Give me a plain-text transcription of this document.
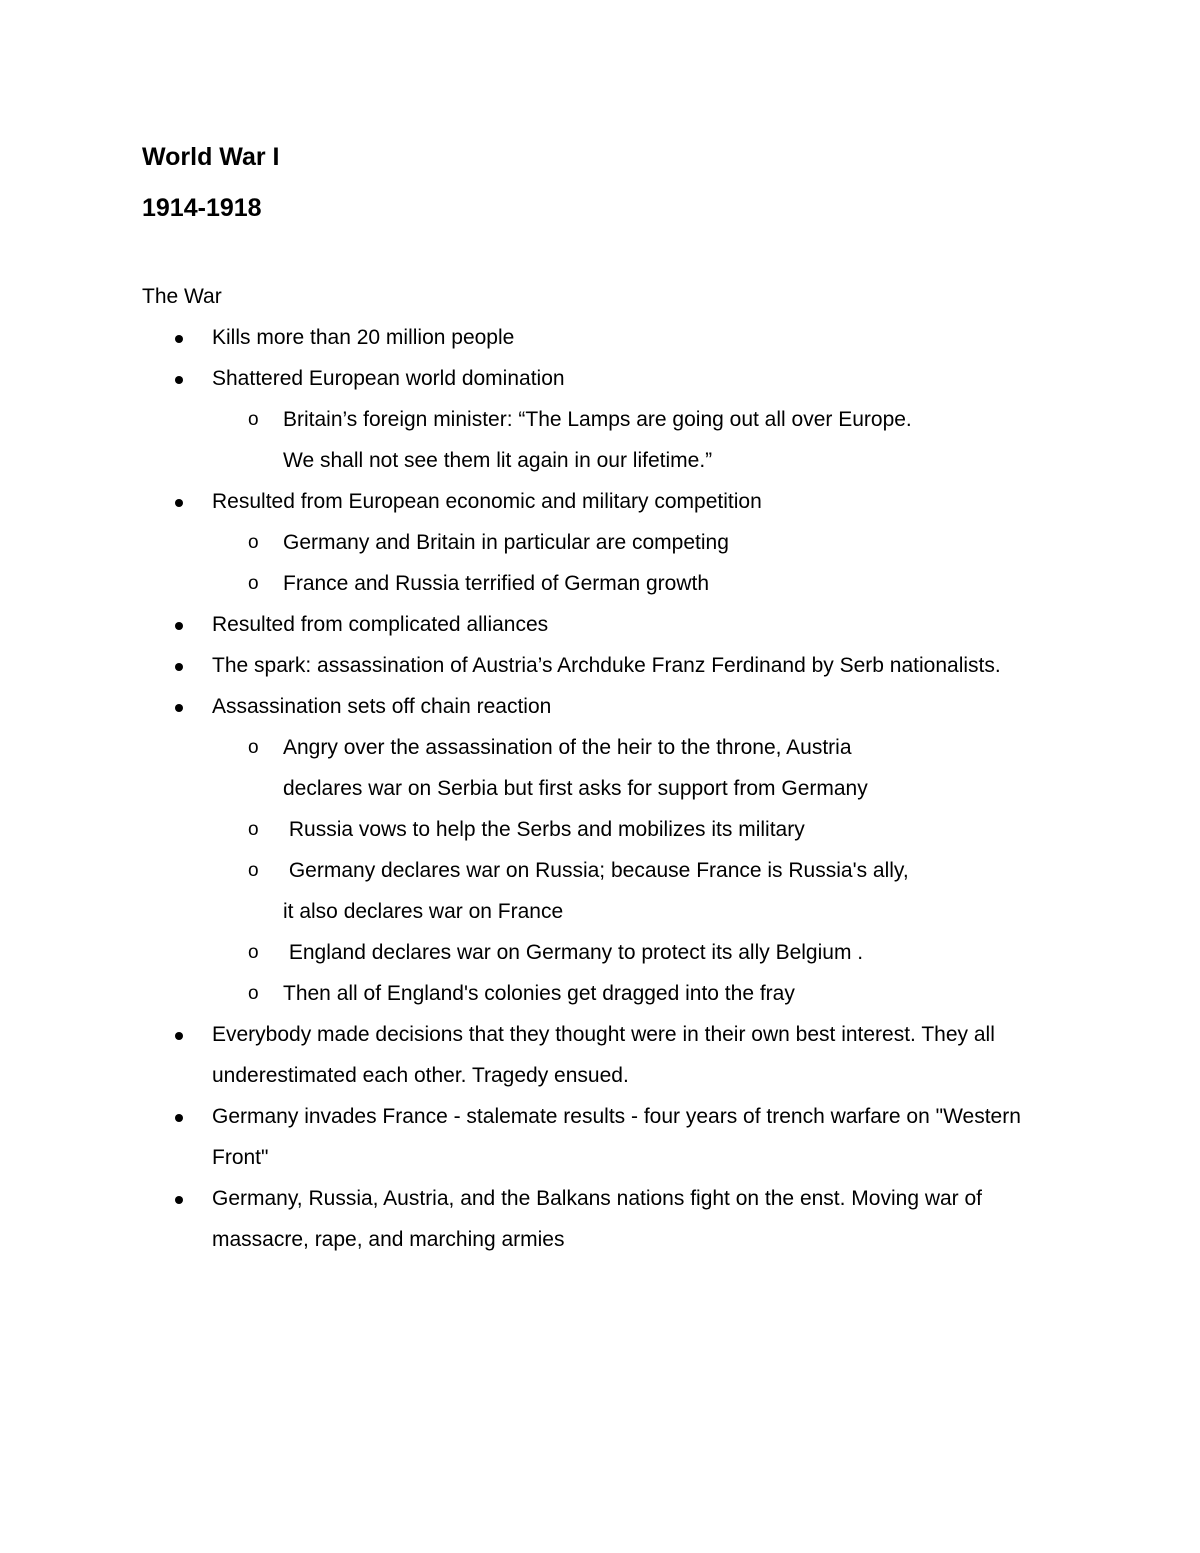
World War I
1914-1918

The War

Kills more than 20 million people
Shattered European world domination
o Britain’s foreign minister: “The Lamps are going out all over Europe. We shall not see them lit again in our lifetime.”
Resulted from European economic and military competition
o Germany and Britain in particular are competing
o France and Russia terrified of German growth
Resulted from complicated alliances
The spark: assassination of Austria’s Archduke Franz Ferdinand by Serb nationalists.
Assassination sets off chain reaction
o Angry over the assassination of the heir to the throne, Austria declares war on Serbia but first asks for support from Germany
o Russia vows to help the Serbs and mobilizes its military
o Germany declares war on Russia; because France is Russia's ally, it also declares war on France
o England declares war on Germany to protect its ally Belgium .
o Then all of England's colonies get dragged into the fray
Everybody made decisions that they thought were in their own best interest. They all underestimated each other. Tragedy ensued.
Germany invades France - stalemate results - four years of trench warfare on "Western Front"
Germany, Russia, Austria, and the Balkans nations fight on the enst. Moving war of massacre, rape, and marching armies
